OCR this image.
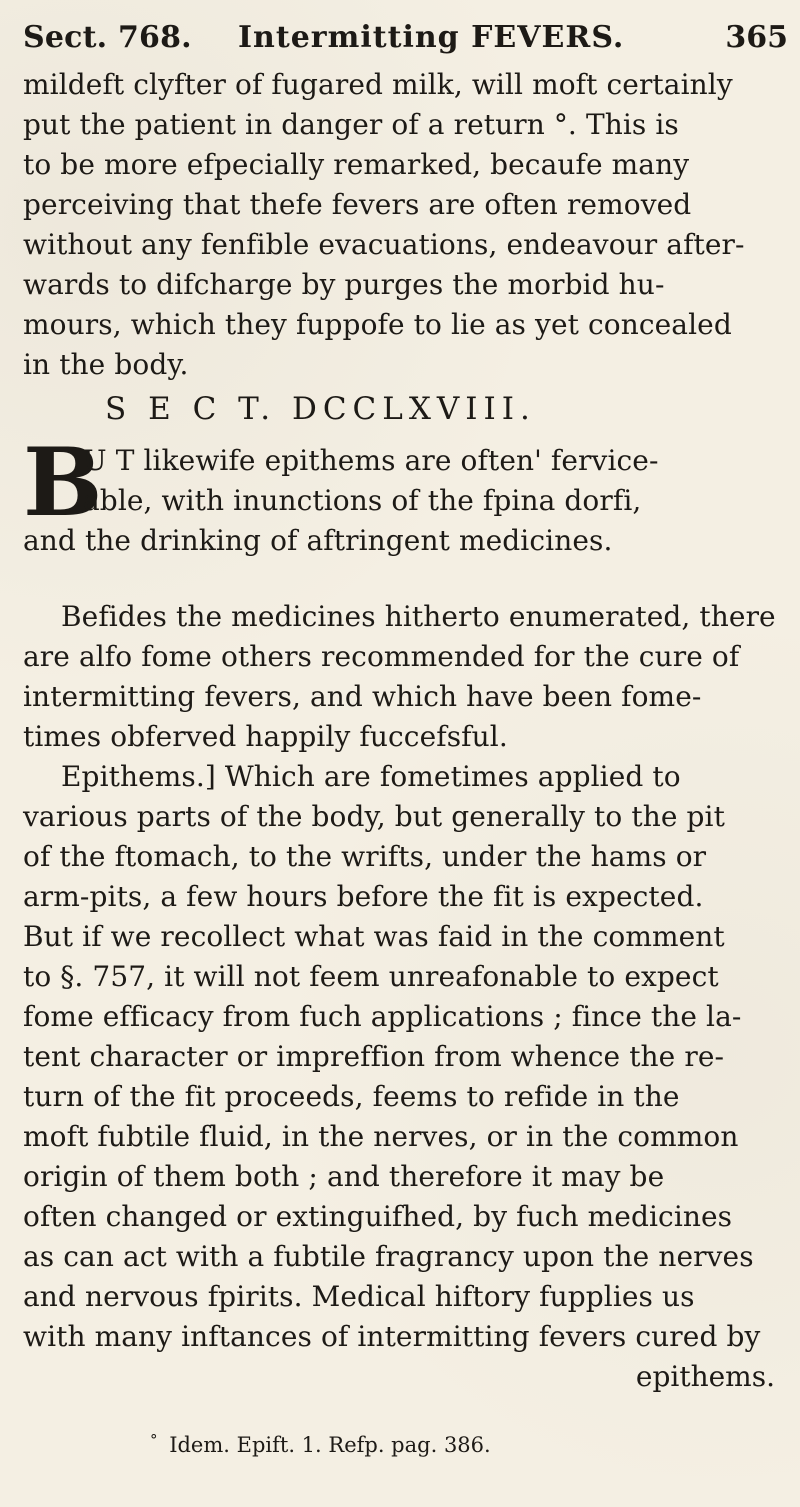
Sect. 768. Intermitting FEVERS.	365
mildeft clyfter of fugared milk, will moft certainly
put the patient in danger of a return °. This is
to be more efpecially remarked, becaufe many
perceiving that thefe fevers are often removed
without any fenfible evacuations, endeavour after-
wards to difcharge by purges the morbid hu-
mours, which they fuppofe to lie as yet concealed
in the body.
S E C T. DCCLXVIII.
B
U T likewife epithems are often' fervice-
able, with inunctions of the fpina dorfi,
and the drinking of aftringent medicines.
Befides the medicines hitherto enumerated, there
are alfo fome others recommended for the cure of
intermitting fevers, and which have been fome-
times obferved happily fuccefsful.
Epithems.] Which are fometimes applied to
various parts of the body, but generally to the pit
of the ftomach, to the wrifts, under the hams or
arm-pits, a few hours before the fit is expected.
But if we recollect what was faid in the comment
to §. 757, it will not feem unreafonable to expect
fome efficacy from fuch applications ; fince the la-
tent character or impreffion from whence the re-
turn of the fit proceeds, feems to refide in the
moft fubtile fluid, in the nerves, or in the common
origin of them both ; and therefore it may be
often changed or extinguifhed, by fuch medicines
as can act with a fubtile fragrancy upon the nerves
and nervous fpirits. Medical hiftory fupplies us
with many inftances of intermitting fevers cured by
epithems.
° Idem. Epift. 1. Refp. pag. 386.
